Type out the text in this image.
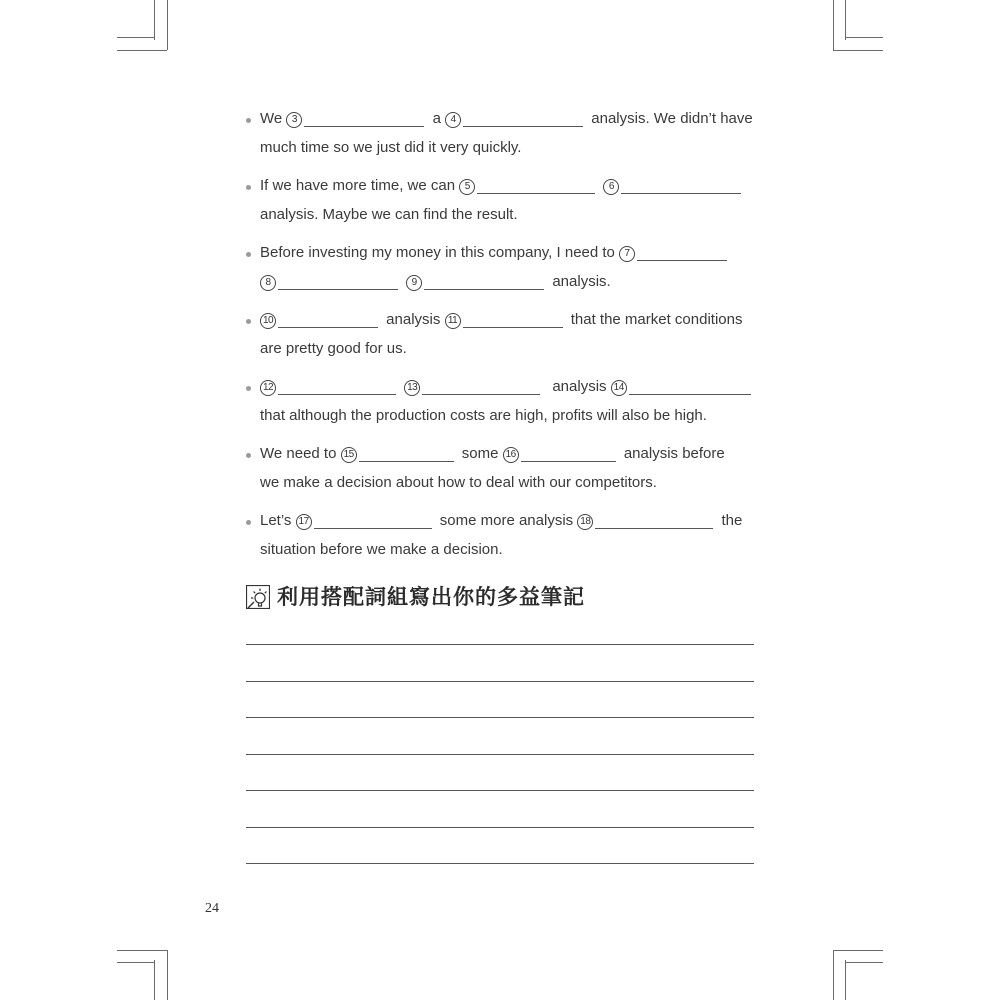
We 3	a 4	analysis. We didn’t have
much time so we just did it very quickly.
If we have more time, we can 5	6
analysis. Maybe we can find the result.
Before investing my money in this company, I need to 7
8	9	analysis.
10	analysis 11	that the market conditions
are pretty good for us.
12	13	analysis 14
that although the production costs are high, profits will also be high.
We need to 15	some 16	analysis before
we make a decision about how to deal with our competitors.
Let’s 17	some more analysis 18	the
situation before we make a decision.
利用搭配詞組寫出你的多益筆記
24
